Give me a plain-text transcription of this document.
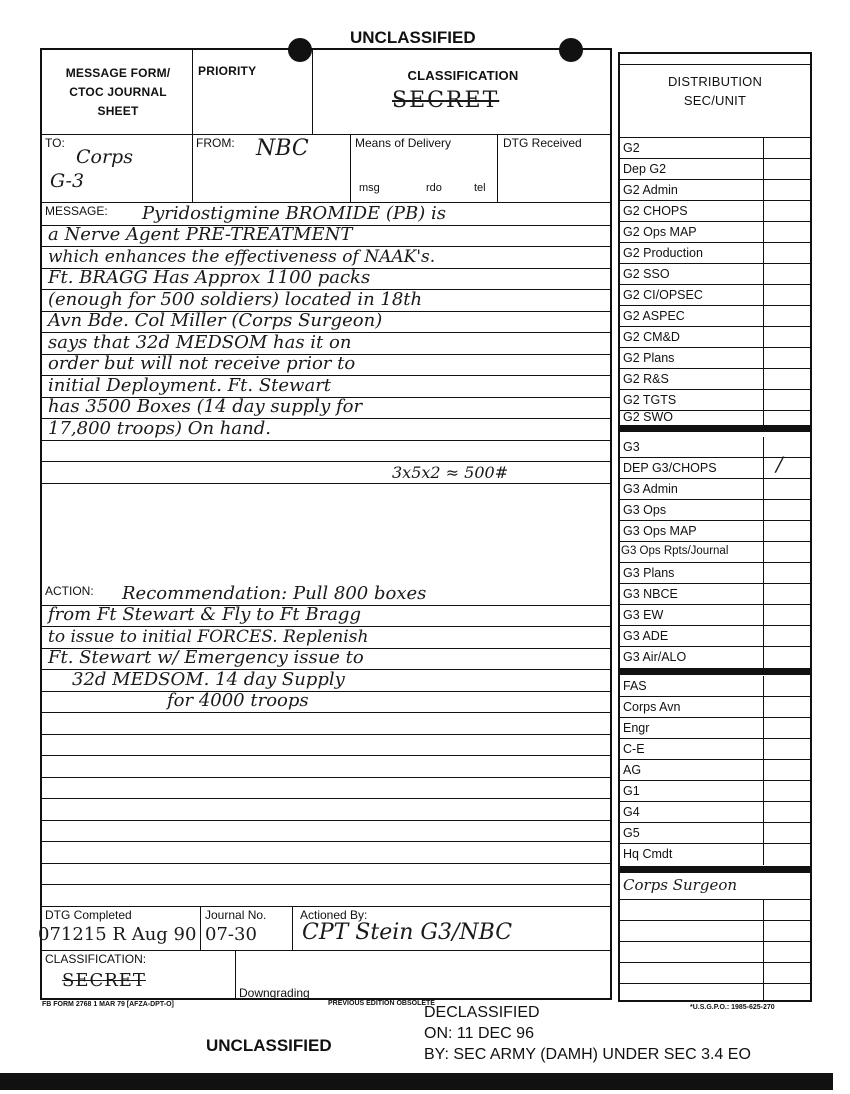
UNCLASSIFIED
MESSAGE FORM/ CTOC JOURNAL SHEET
PRIORITY	CLASSIFICATION
SECRET
TO:
Corps
G-3
FROM: NBC	Means of Delivery
msg	rdo	tel
DTG Received
MESSAGE: Pyridostigmine BROMIDE (PB) is
a Nerve Agent PRE-TREATMENT
which enhances the effectiveness of NAAK's.
Ft. BRAGG Has Approx 1100 packs
(enough for 500 soldiers) located in 18th
Avn Bde. Col Miller (Corps Surgeon)
says that 32d MEDSOM has it on
order but will not receive prior to
initial Deployment. Ft. Stewart
has 3500 Boxes (14 day supply for
17,800 troops) On hand.
3x5x2 ≈ 500#
ACTION: Recommendation: Pull 800 boxes
from Ft Stewart & Fly to Ft Bragg
to issue to initial FORCES. Replenish
Ft. Stewart w/ Emergency issue to
32d MEDSOM. 14 day Supply
for 4000 troops
DTG Completed
071215 R Aug 90
Journal No.
07-30
Actioned By:
CPT Stein G3/NBC
CLASSIFICATION:
SECRET
Downgrading
FB FORM 2768 1 MAR 79 [AFZA-DPT-O]	PREVIOUS EDITION OBSOLETE
*U.S.G.P.O.: 1985-625-270
DECLASSIFIED
ON: 11 DEC 96
BY: SEC ARMY (DAMH) UNDER SEC 3.4 EO
UNCLASSIFIED
DISTRIBUTION SEC/UNIT
G2
Dep G2
G2 Admin
G2 CHOPS
G2 Ops MAP
G2 Production
G2 SSO
G2 CI/OPSEC
G2 ASPEC
G2 CM&D
G2 Plans
G2 R&S
G2 TGTS
G2 SWO
G3
DEP G3/CHOPS	/
G3 Admin
G3 Ops
G3 Ops MAP
G3 Ops Rpts/Journal
G3 Plans
G3 NBCE
G3 EW
G3 ADE
G3 Air/ALO
FAS
Corps Avn
Engr
C-E
AG
G1
G4
G5
Hq Cmdt
Corps Surgeon
